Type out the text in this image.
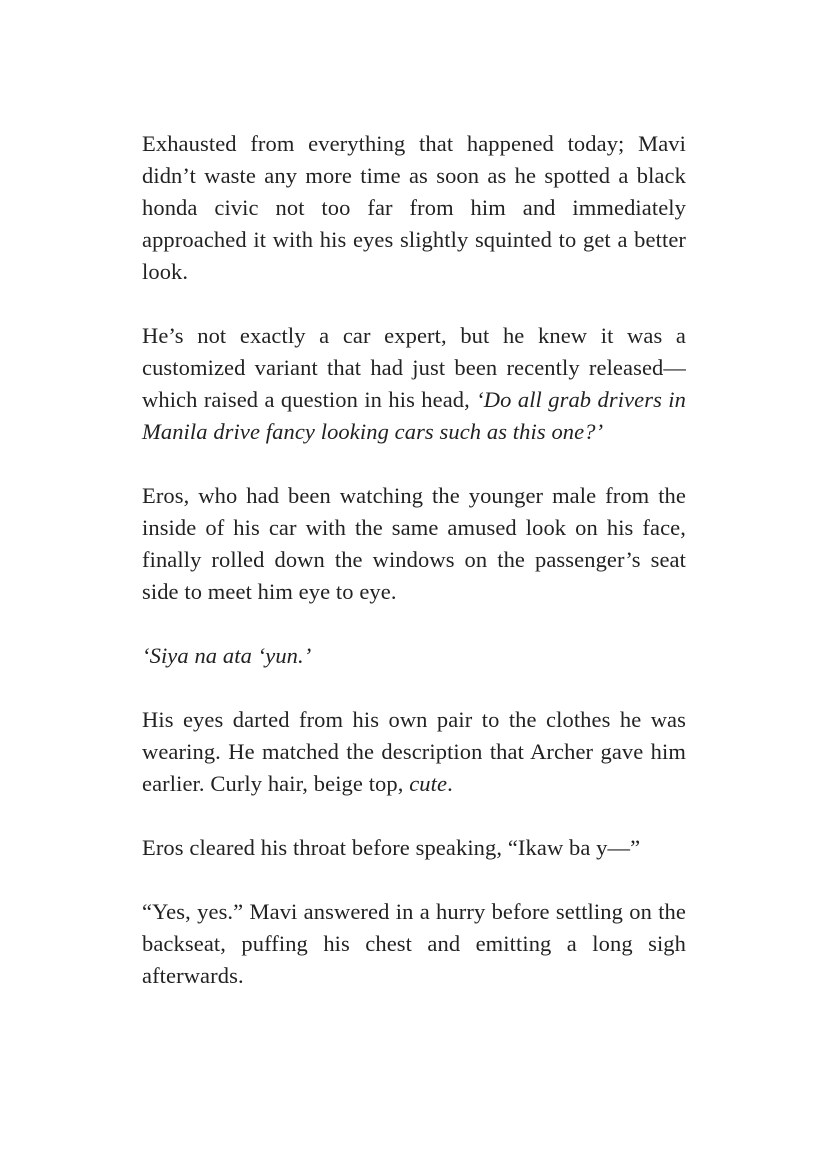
Exhausted from everything that happened today; Mavi didn’t waste any more time as soon as he spotted a black honda civic not too far from him and immediately approached it with his eyes slightly squinted to get a better look.

He’s not exactly a car expert, but he knew it was a customized variant that had just been recently released— which raised a question in his head, ‘Do all grab drivers in Manila drive fancy looking cars such as this one?’

Eros, who had been watching the younger male from the inside of his car with the same amused look on his face, finally rolled down the windows on the passenger’s seat side to meet him eye to eye.

‘Siya na ata ‘yun.’

His eyes darted from his own pair to the clothes he was wearing. He matched the description that Archer gave him earlier. Curly hair, beige top, cute.

Eros cleared his throat before speaking, “Ikaw ba y—”

“Yes, yes.” Mavi answered in a hurry before settling on the backseat, puffing his chest and emitting a long sigh afterwards.
